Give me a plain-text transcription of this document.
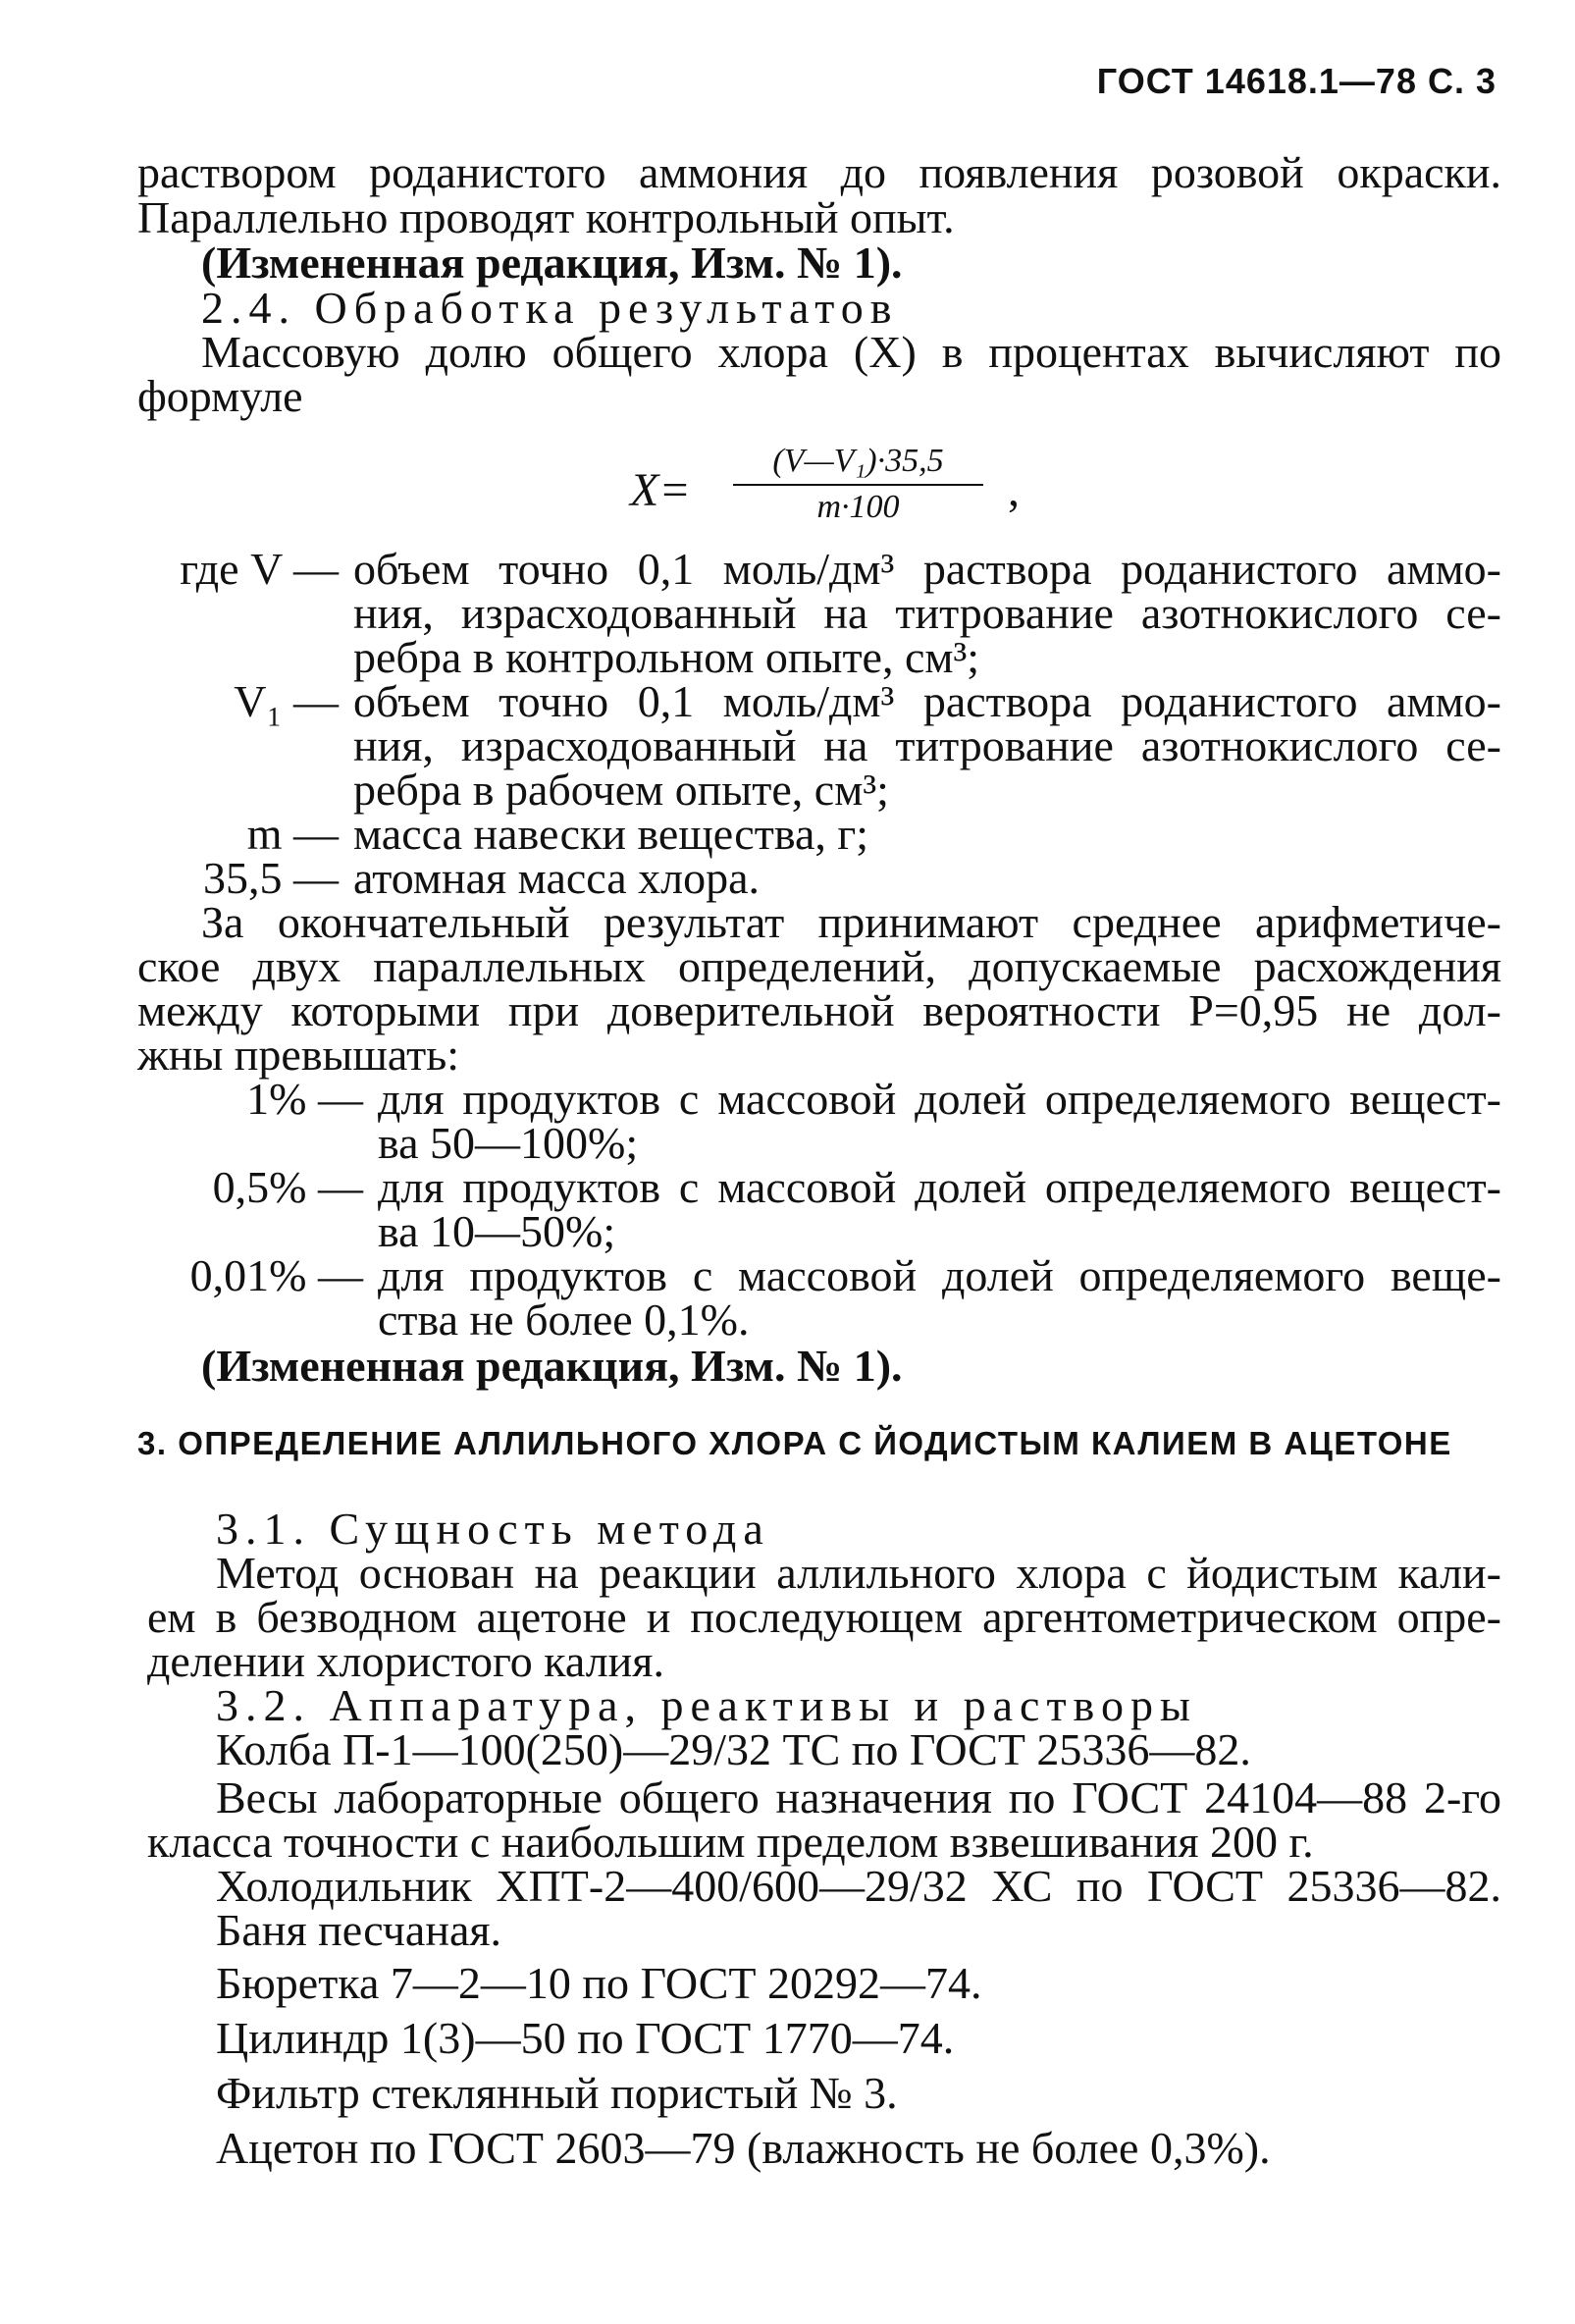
ГОСТ 14618.1—78 С. 3
раствором роданистого аммония до появления розовой окраски.
Параллельно проводят контрольный опыт.
(Измененная редакция, Изм. № 1).
2.4. Обработка результатов
Массовую долю общего хлора (X) в процентах вычисляют по
формуле
X=
(V—V₁)·35,5
m·100	,
где V — объем точно 0,1 моль/дм³ раствора роданистого аммо-
ния, израсходованный на титрование азотнокислого се-
ребра в контрольном опыте, см³;
V₁ — объем точно 0,1 моль/дм³ раствора роданистого аммо-
ния, израсходованный на титрование азотнокислого се-
ребра в рабочем опыте, см³;
m — масса навески вещества, г;
35,5 — атомная масса хлора.
За окончательный результат принимают среднее арифметиче-
ское двух параллельных определений, допускаемые расхождения
между которыми при доверительной вероятности P=0,95 не дол-
жны превышать:
1% — для продуктов с массовой долей определяемого вещест-
ва 50—100%;
0,5% — для продуктов с массовой долей определяемого вещест-
ва 10—50%;
0,01% — для продуктов с массовой долей определяемого веще-
ства не более 0,1%.
(Измененная редакция, Изм. № 1).
3. ОПРЕДЕЛЕНИЕ АЛЛИЛЬНОГО ХЛОРА С ЙОДИСТЫМ КАЛИЕМ В АЦЕТОНЕ
3.1. Сущность метода
Метод основан на реакции аллильного хлора с йодистым кали-
ем в безводном ацетоне и последующем аргентометрическом опре-
делении хлористого калия.
3.2. Аппаратура, реактивы и растворы
Колба П-1—100(250)—29/32 ТС по ГОСТ 25336—82.
Весы лабораторные общего назначения по ГОСТ 24104—88 2-го
класса точности с наибольшим пределом взвешивания 200 г.
Холодильник ХПТ-2—400/600—29/32 ХС по ГОСТ 25336—82.
Баня песчаная.
Бюретка 7—2—10 по ГОСТ 20292—74.
Цилиндр 1(3)—50 по ГОСТ 1770—74.
Фильтр стеклянный пористый № 3.
Ацетон по ГОСТ 2603—79 (влажность не более 0,3%).
